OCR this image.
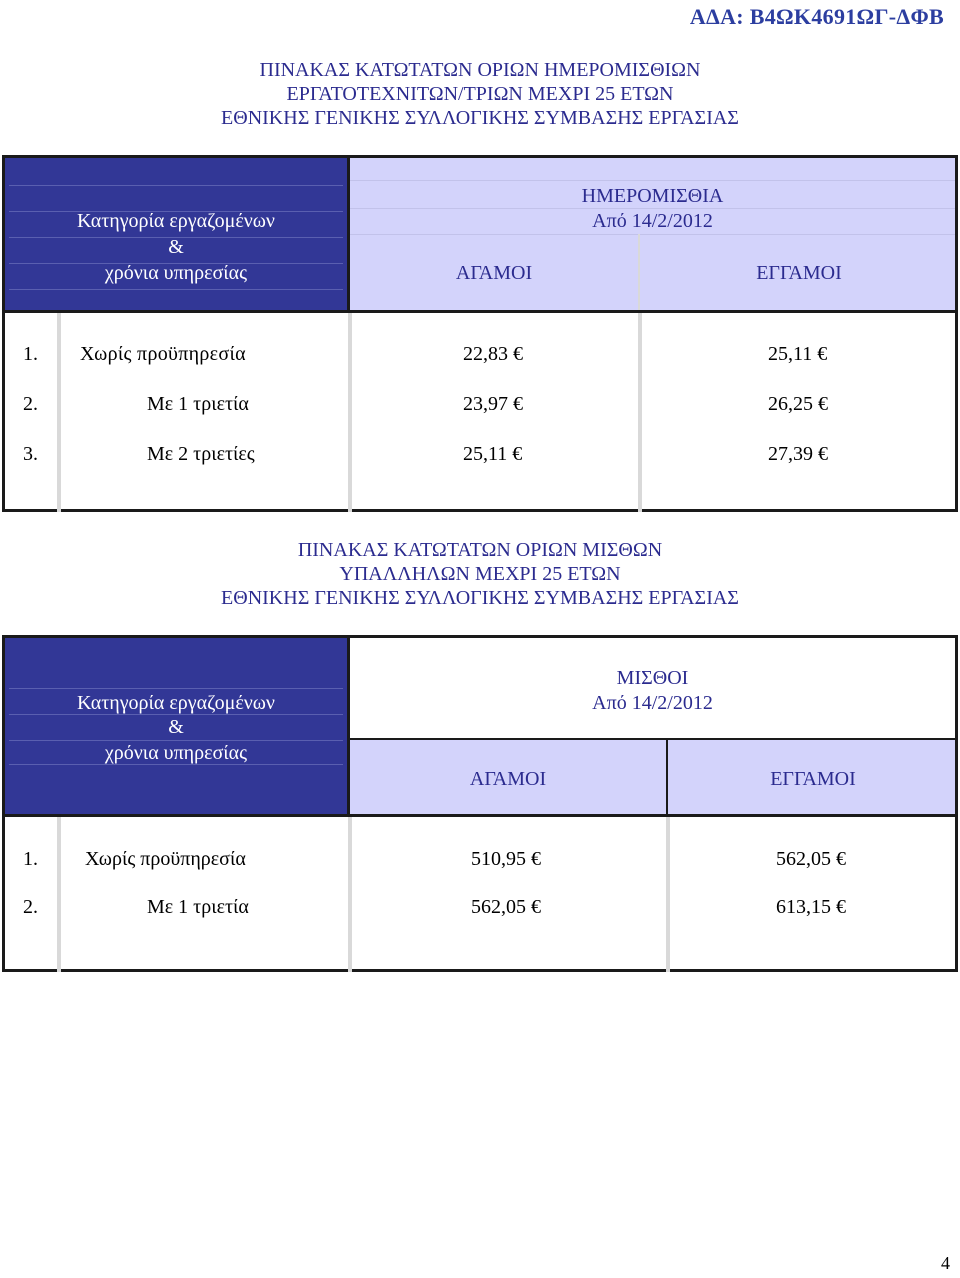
ΑΔΑ: Β4ΩΚ4691ΩΓ-ΔΦΒ
ΠΙΝΑΚΑΣ ΚΑΤΩΤΑΤΩΝ ΟΡΙΩΝ ΗΜΕΡΟΜΙΣΘΙΩΝ
ΕΡΓΑΤΟΤΕΧΝΙΤΩΝ/ΤΡΙΩΝ ΜΕΧΡΙ 25 ΕΤΩΝ
ΕΘΝΙΚΗΣ ΓΕΝΙΚΗΣ ΣΥΛΛΟΓΙΚΗΣ ΣΥΜΒΑΣΗΣ ΕΡΓΑΣΙΑΣ
Κατηγορία εργαζομένων
&
χρόνια υπηρεσίας
ΗΜΕΡΟΜΙΣΘΙΑ
Από 14/2/2012
ΑΓΑΜΟΙ	ΕΓΓΑΜΟΙ
1. Χωρίς προϋπηρεσία	22,83 €	25,11 €
2.	Με 1 τριετία	23,97 €	26,25 €
3.	Με 2 τριετίες	25,11 €	27,39 €
ΠΙΝΑΚΑΣ ΚΑΤΩΤΑΤΩΝ ΟΡΙΩΝ ΜΙΣΘΩΝ
ΥΠΑΛΛΗΛΩΝ ΜΕΧΡΙ 25 ΕΤΩΝ
ΕΘΝΙΚΗΣ ΓΕΝΙΚΗΣ ΣΥΛΛΟΓΙΚΗΣ ΣΥΜΒΑΣΗΣ ΕΡΓΑΣΙΑΣ
Κατηγορία εργαζομένων
&
χρόνια υπηρεσίας
ΜΙΣΘΟΙ
Από 14/2/2012
ΑΓΑΜΟΙ	ΕΓΓΑΜΟΙ
1. Χωρίς προϋπηρεσία	510,95 €	562,05 €
2.	Με 1 τριετία	562,05 €	613,15 €
4
